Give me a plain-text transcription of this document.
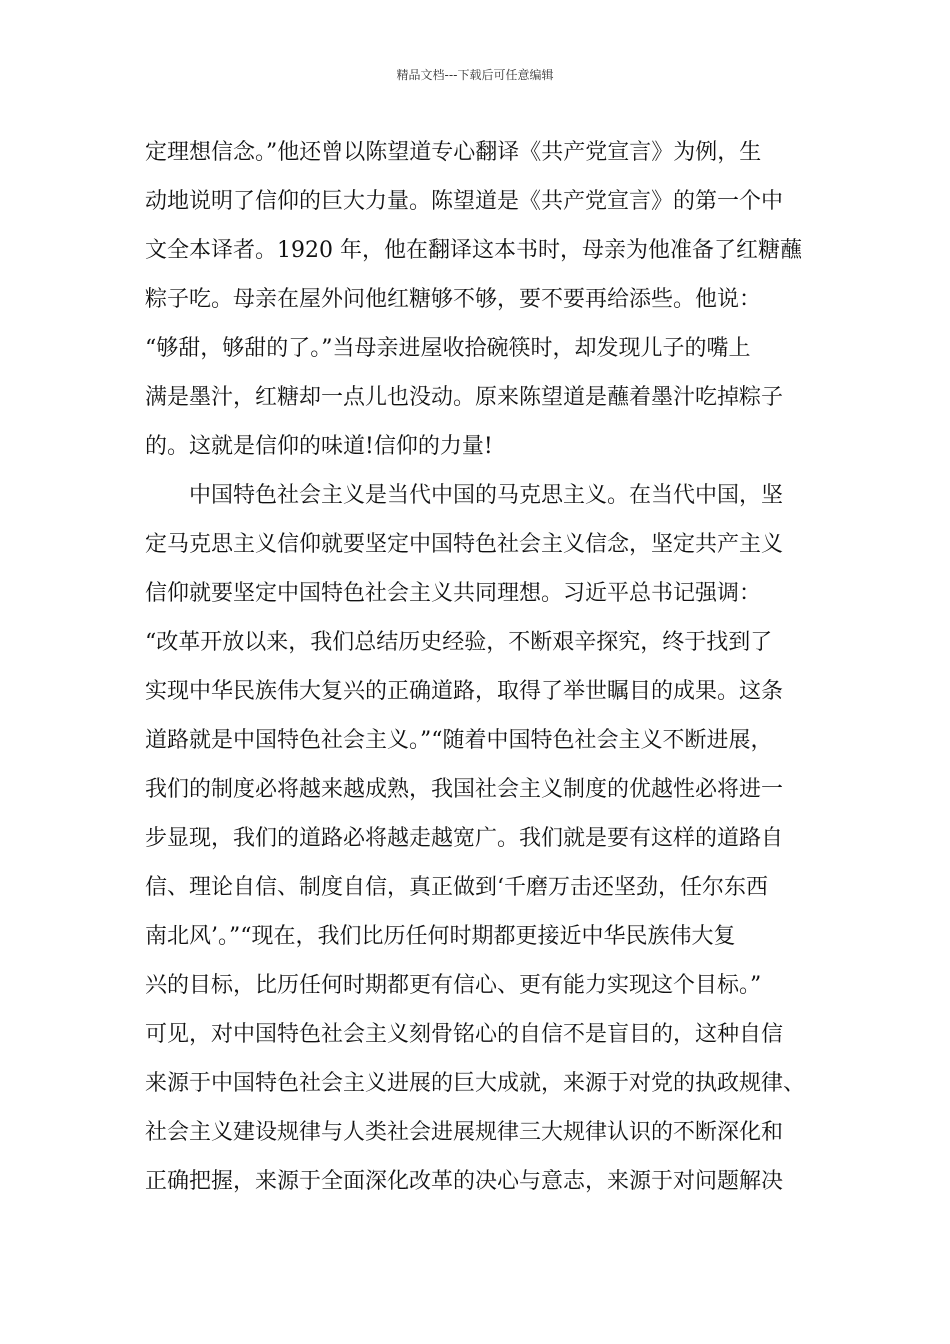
精品文档---下载后可任意编辑
定理想信念。”他还曾以陈望道专心翻译《共产党宣言》为例，生
动地说明了信仰的巨大力量。陈望道是《共产党宣言》的第一个中
文全本译者。1920 年，他在翻译这本书时，母亲为他准备了红糖蘸
粽子吃。母亲在屋外问他红糖够不够，要不要再给添些。他说：
“够甜，够甜的了。”当母亲进屋收拾碗筷时，却发现儿子的嘴上
满是墨汁，红糖却一点儿也没动。原来陈望道是蘸着墨汁吃掉粽子
的。这就是信仰的味道!信仰的力量!
中国特色社会主义是当代中国的马克思主义。在当代中国，坚
定马克思主义信仰就要坚定中国特色社会主义信念，坚定共产主义
信仰就要坚定中国特色社会主义共同理想。习近平总书记强调：
“改革开放以来，我们总结历史经验，不断艰辛探究，终于找到了
实现中华民族伟大复兴的正确道路，取得了举世瞩目的成果。这条
道路就是中国特色社会主义。”“随着中国特色社会主义不断进展，
我们的制度必将越来越成熟，我国社会主义制度的优越性必将进一
步显现，我们的道路必将越走越宽广。我们就是要有这样的道路自
信、理论自信、制度自信，真正做到‘千磨万击还坚劲，任尔东西
南北风’。”“现在，我们比历任何时期都更接近中华民族伟大复
兴的目标，比历任何时期都更有信心、更有能力实现这个目标。”
可见，对中国特色社会主义刻骨铭心的自信不是盲目的，这种自信
来源于中国特色社会主义进展的巨大成就，来源于对党的执政规律、
社会主义建设规律与人类社会进展规律三大规律认识的不断深化和
正确把握，来源于全面深化改革的决心与意志，来源于对问题解决
